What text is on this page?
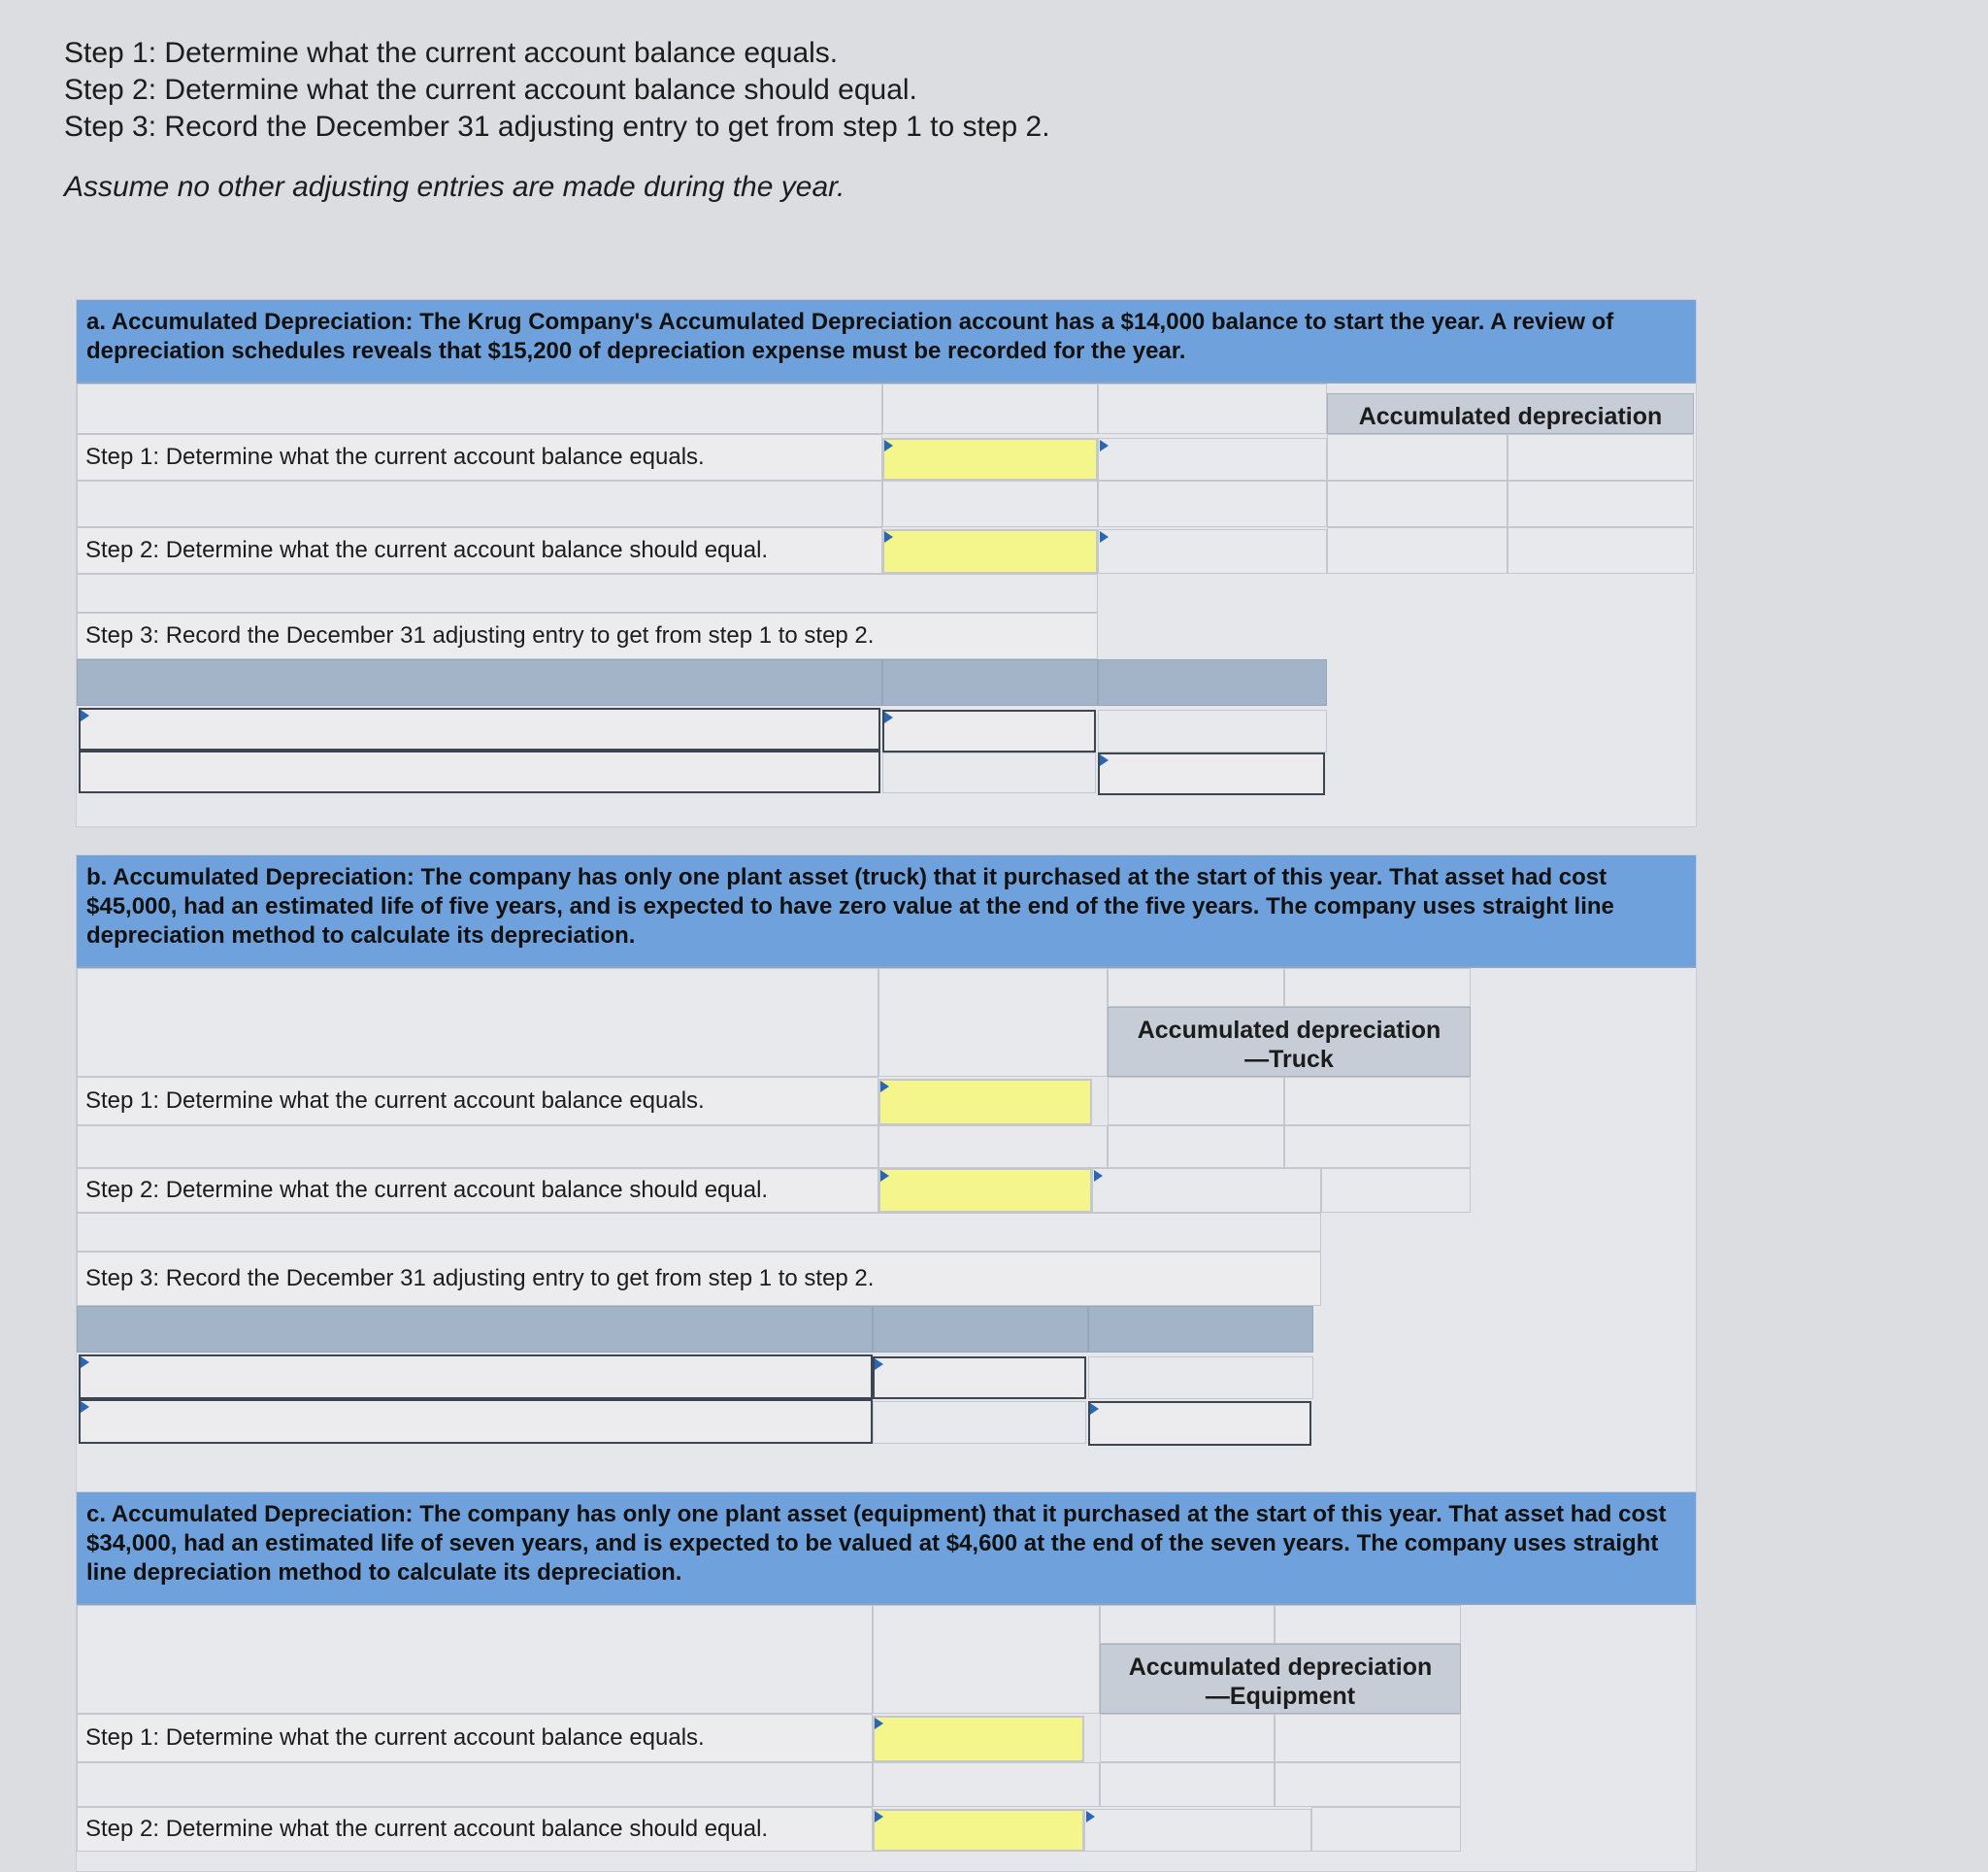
Step 1: Determine what the current account balance equals.
Step 2: Determine what the current account balance should equal.
Step 3: Record the December 31 adjusting entry to get from step 1 to step 2.
Assume no other adjusting entries are made during the year.
a. Accumulated Depreciation: The Krug Company's Accumulated Depreciation account has a $14,000 balance to start the year. A review of depreciation schedules reveals that $15,200 of depreciation expense must be recorded for the year.
Accumulated depreciation
Step 1: Determine what the current account balance equals.
Step 2: Determine what the current account balance should equal.
Step 3: Record the December 31 adjusting entry to get from step 1 to step 2.
b. Accumulated Depreciation: The company has only one plant asset (truck) that it purchased at the start of this year. That asset had cost $45,000, had an estimated life of five years, and is expected to have zero value at the end of the five years. The company uses straight line depreciation method to calculate its depreciation.
Accumulated depreciation
—Truck
Step 1: Determine what the current account balance equals.
Step 2: Determine what the current account balance should equal.
Step 3: Record the December 31 adjusting entry to get from step 1 to step 2.
c. Accumulated Depreciation: The company has only one plant asset (equipment) that it purchased at the start of this year. That asset had cost $34,000, had an estimated life of seven years, and is expected to be valued at $4,600 at the end of the seven years. The company uses straight line depreciation method to calculate its depreciation.
Accumulated depreciation
—Equipment
Step 1: Determine what the current account balance equals.
Step 2: Determine what the current account balance should equal.
